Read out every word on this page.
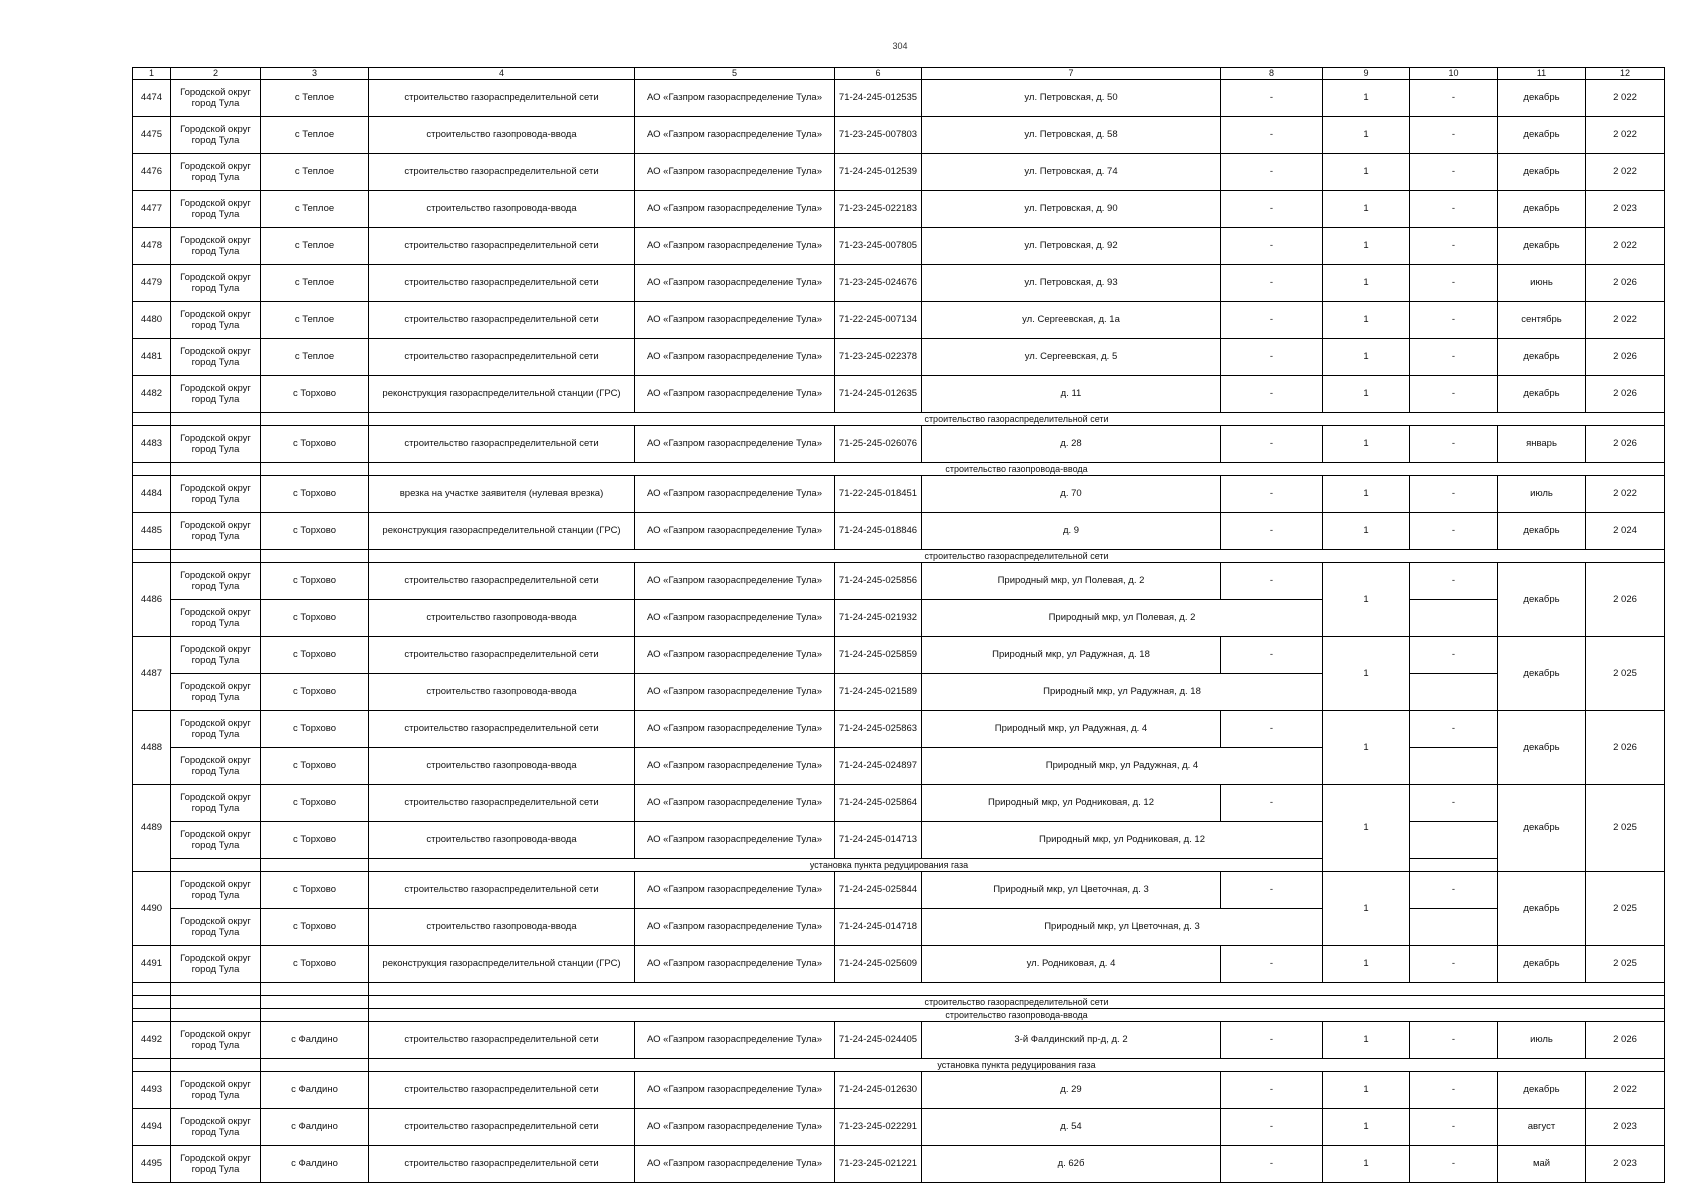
304
1	2	3	4	5	6	7	8	9	10	11	12
4474	Городской округ город Тула	с Теплое	строительство газораспределительной сети	АО «Газпром газораспределение Тула»	71-24-245-012535	ул. Петровская, д. 50	-	1	-	декабрь	2 022
4475	Городской округ город Тула	с Теплое	строительство газопровода-ввода	АО «Газпром газораспределение Тула»	71-23-245-007803	ул. Петровская, д. 58	-	1	-	декабрь	2 022
4476	Городской округ город Тула	с Теплое	строительство газораспределительной сети	АО «Газпром газораспределение Тула»	71-24-245-012539	ул. Петровская, д. 74	-	1	-	декабрь	2 022
4477	Городской округ город Тула	с Теплое	строительство газопровода-ввода	АО «Газпром газораспределение Тула»	71-23-245-022183	ул. Петровская, д. 90	-	1	-	декабрь	2 023
4478	Городской округ город Тула	с Теплое	строительство газораспределительной сети	АО «Газпром газораспределение Тула»	71-23-245-007805	ул. Петровская, д. 92	-	1	-	декабрь	2 022
4479	Городской округ город Тула	с Теплое	строительство газораспределительной сети	АО «Газпром газораспределение Тула»	71-23-245-024676	ул. Петровская, д. 93	-	1	-	июнь	2 026
4480	Городской округ город Тула	с Теплое	строительство газораспределительной сети	АО «Газпром газораспределение Тула»	71-22-245-007134	ул. Сергеевская, д. 1а	-	1	-	сентябрь	2 022
4481	Городской округ город Тула	с Теплое	строительство газораспределительной сети	АО «Газпром газораспределение Тула»	71-23-245-022378	ул. Сергеевская, д. 5	-	1	-	декабрь	2 026
4482	Городской округ город Тула	с Торхово	реконструкция газораспределительной станции (ГРС)	АО «Газпром газораспределение Тула»	71-24-245-012635	д. 11	-	1	-	декабрь	2 026
			строительство газораспределительной сети								
4483	Городской округ город Тула	с Торхово	строительство газораспределительной сети	АО «Газпром газораспределение Тула»	71-25-245-026076	д. 28	-	1	-	январь	2 026
			строительство газопровода-ввода								
4484	Городской округ город Тула	с Торхово	врезка на участке заявителя (нулевая врезка)	АО «Газпром газораспределение Тула»	71-22-245-018451	д. 70	-	1	-	июль	2 022
4485	Городской округ город Тула	с Торхово	реконструкция газораспределительной станции (ГРС)	АО «Газпром газораспределение Тула»	71-24-245-018846	д. 9	-	1	-	декабрь	2 024
			строительство газораспределительной сети								
4486	Городской округ город Тула	с Торхово	строительство газораспределительной сети	АО «Газпром газораспределение Тула»	71-24-245-025856	Природный мкр, ул Полевая, д. 2	-	1	-	декабрь	2 026
	Городской округ город Тула	с Торхово	строительство газопровода-ввода	АО «Газпром газораспределение Тула»	71-24-245-021932	Природный мкр, ул Полевая, д. 2					
4487	Городской округ город Тула	с Торхово	строительство газораспределительной сети	АО «Газпром газораспределение Тула»	71-24-245-025859	Природный мкр, ул Радужная, д. 18	-	1	-	декабрь	2 025
	Городской округ город Тула	с Торхово	строительство газопровода-ввода	АО «Газпром газораспределение Тула»	71-24-245-021589	Природный мкр, ул Радужная, д. 18					
4488	Городской округ город Тула	с Торхово	строительство газораспределительной сети	АО «Газпром газораспределение Тула»	71-24-245-025863	Природный мкр, ул Радужная, д. 4	-	1	-	декабрь	2 026
	Городской округ город Тула	с Торхово	строительство газопровода-ввода	АО «Газпром газораспределение Тула»	71-24-245-024897	Природный мкр, ул Радужная, д. 4					
4489	Городской округ город Тула	с Торхово	строительство газораспределительной сети	АО «Газпром газораспределение Тула»	71-24-245-025864	Природный мкр, ул Родниковая, д. 12	-	1	-	декабрь	2 025
	Городской округ город Тула	с Торхово	строительство газопровода-ввода	АО «Газпром газораспределение Тула»	71-24-245-014713	Природный мкр, ул Родниковая, д. 12					
			установка пункта редуцирования газа								
4490	Городской округ город Тула	с Торхово	строительство газораспределительной сети	АО «Газпром газораспределение Тула»	71-24-245-025844	Природный мкр, ул Цветочная, д. 3	-	1	-	декабрь	2 025
	Городской округ город Тула	с Торхово	строительство газопровода-ввода	АО «Газпром газораспределение Тула»	71-24-245-014718	Природный мкр, ул Цветочная, д. 3					
4491	Городской округ город Тула	с Торхово	реконструкция газораспределительной станции (ГРС)	АО «Газпром газораспределение Тула»	71-24-245-025609	ул. Родниковая, д. 4	-	1	-	декабрь	2 025

			строительство газораспределительной сети								
			строительство газопровода-ввода								
4492	Городской округ город Тула	с Фалдино	строительство газораспределительной сети	АО «Газпром газораспределение Тула»	71-24-245-024405	3-й Фалдинский пр-д, д. 2	-	1	-	июль	2 026
			установка пункта редуцирования газа								
4493	Городской округ город Тула	с Фалдино	строительство газораспределительной сети	АО «Газпром газораспределение Тула»	71-24-245-012630	д. 29	-	1	-	декабрь	2 022
4494	Городской округ город Тула	с Фалдино	строительство газораспределительной сети	АО «Газпром газораспределение Тула»	71-23-245-022291	д. 54	-	1	-	август	2 023
4495	Городской округ город Тула	с Фалдино	строительство газораспределительной сети	АО «Газпром газораспределение Тула»	71-23-245-021221	д. 62б	-	1	-	май	2 023
